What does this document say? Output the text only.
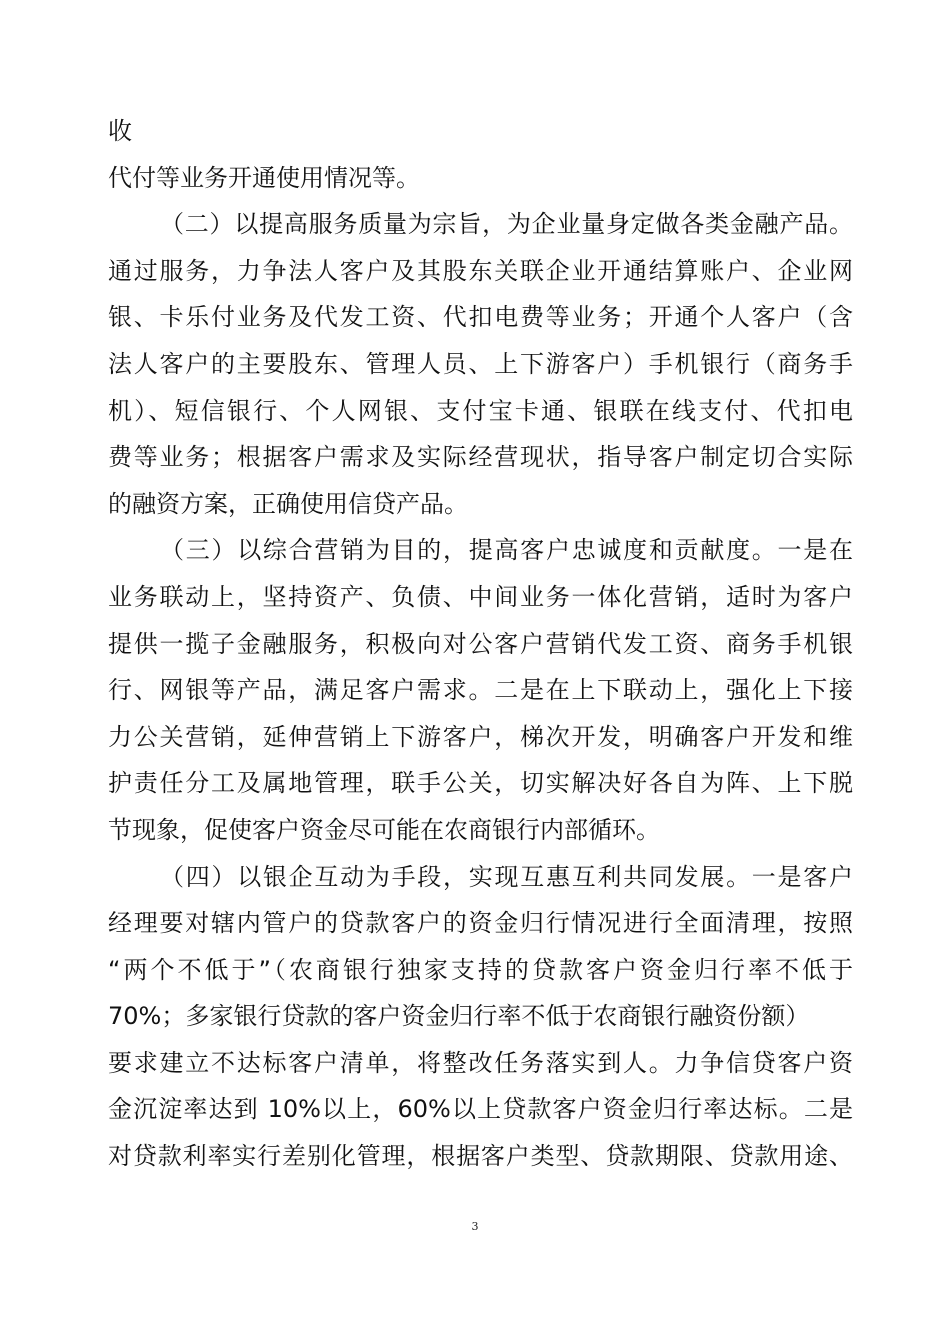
收
代付等业务开通使用情况等。
（二）以提高服务质量为宗旨，为企业量身定做各类金融产品。
通过服务，力争法人客户及其股东关联企业开通结算账户、企业网
银、卡乐付业务及代发工资、代扣电费等业务；开通个人客户（含
法人客户的主要股东、管理人员、上下游客户）手机银行（商务手
机）、短信银行、个人网银、支付宝卡通、银联在线支付、代扣电
费等业务；根据客户需求及实际经营现状，指导客户制定切合实际
的融资方案，正确使用信贷产品。
（三）以综合营销为目的，提高客户忠诚度和贡献度。一是在
业务联动上，坚持资产、负债、中间业务一体化营销，适时为客户
提供一揽子金融服务，积极向对公客户营销代发工资、商务手机银
行、网银等产品，满足客户需求。二是在上下联动上，强化上下接
力公关营销，延伸营销上下游客户，梯次开发，明确客户开发和维
护责任分工及属地管理，联手公关，切实解决好各自为阵、上下脱
节现象，促使客户资金尽可能在农商银行内部循环。
（四）以银企互动为手段，实现互惠互利共同发展。一是客户
经理要对辖内管户的贷款客户的资金归行情况进行全面清理，按照
“两个不低于”（农商银行独家支持的贷款客户资金归行率不低于
70%；多家银行贷款的客户资金归行率不低于农商银行融资份额）
要求建立不达标客户清单，将整改任务落实到人。力争信贷客户资
金沉淀率达到 10%以上，60%以上贷款客户资金归行率达标。二是
对贷款利率实行差别化管理，根据客户类型、贷款期限、贷款用途、
3
